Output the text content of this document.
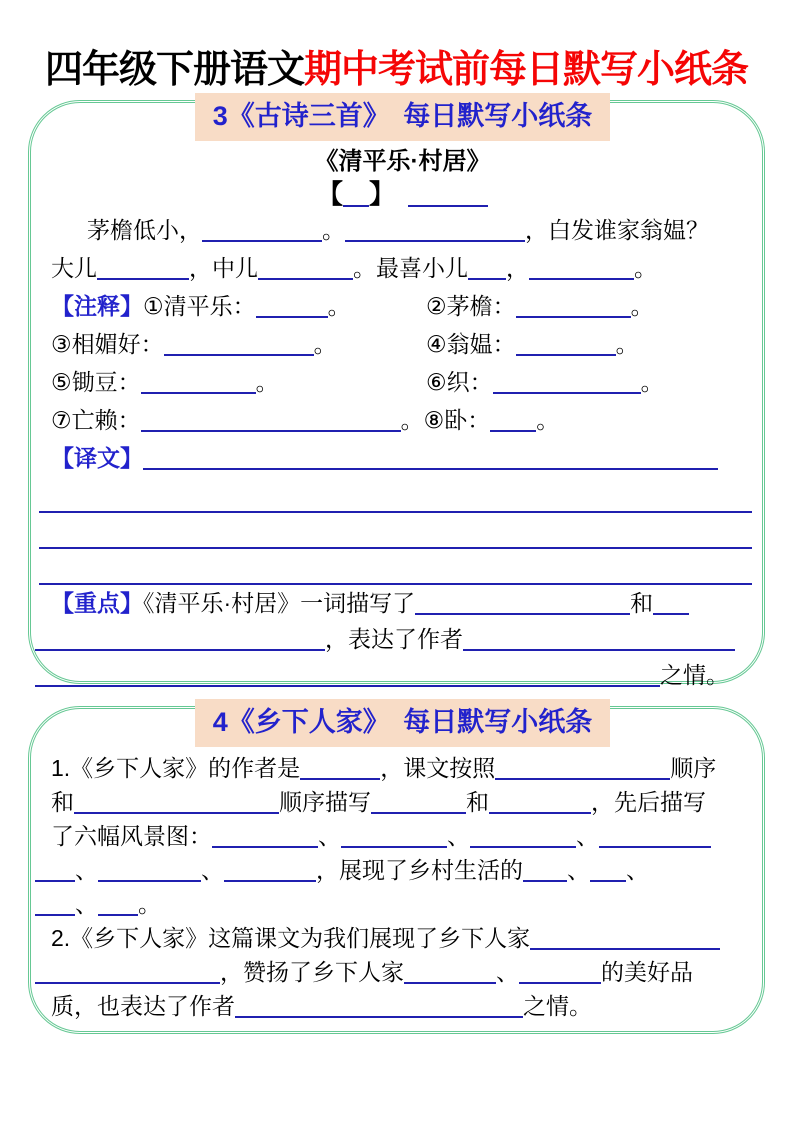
四年级下册语文期中考试前每日默写小纸条
3《古诗三首》　每日默写小纸条
《清平乐·村居》
【 】　
茅檐低小，	。	，白发谁家翁媪？
大儿	，中儿	。最喜小儿 ，	。
【注释】①清平乐：	。	②茅檐：	。
③相媚好：	。	④翁媪：	。
⑤锄豆：	。	⑥织：	。
⑦亡赖：	。⑧卧： 。
【译文】
【重点】《清平乐·村居》一词描写了	和
，表达了作者
之情。
4《乡下人家》　每日默写小纸条
1.《乡下人家》的作者是	，课文按照	顺序
和	顺序描写	和	，先后描写
了六幅风景图：	、	、	、
、	、	，展现了乡村生活的 、 、
、 。
2.《乡下人家》这篇课文为我们展现了乡下人家
，赞扬了乡下人家	、	的美好品
质，也表达了作者	之情。
